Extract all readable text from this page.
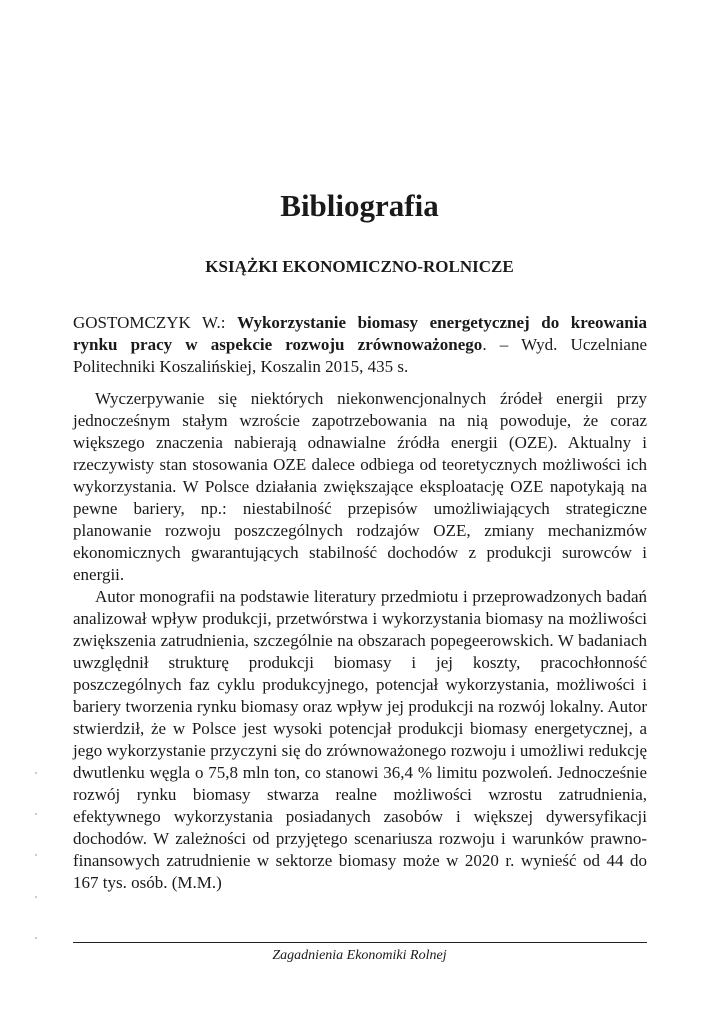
Bibliografia
KSIĄŻKI EKONOMICZNO-ROLNICZE
GOSTOMCZYK W.: Wykorzystanie biomasy energetycznej do kreowania rynku pracy w aspekcie rozwoju zrównoważonego. – Wyd. Uczelniane Politechniki Koszalińskiej, Koszalin 2015, 435 s.

Wyczerpywanie się niektórych niekonwencjonalnych źródeł energii przy jednocześnym stałym wzroście zapotrzebowania na nią powoduje, że coraz większego znaczenia nabierają odnawialne źródła energii (OZE). Aktualny i rzeczywisty stan stosowania OZE dalece odbiega od teoretycznych możliwości ich wykorzystania. W Polsce działania zwiększające eksploatację OZE napotykają na pewne bariery, np.: niestabilność przepisów umożliwiających strategiczne planowanie rozwoju poszczególnych rodzajów OZE, zmiany mechanizmów ekonomicznych gwarantujących stabilność dochodów z produkcji surowców i energii.

Autor monografii na podstawie literatury przedmiotu i przeprowadzonych badań analizował wpływ produkcji, przetwórstwa i wykorzystania biomasy na możliwości zwiększenia zatrudnienia, szczególnie na obszarach popegeerowskich. W badaniach uwzględnił strukturę produkcji biomasy i jej koszty, pracochłonność poszczególnych faz cyklu produkcyjnego, potencjał wykorzystania, możliwości i bariery tworzenia rynku biomasy oraz wpływ jej produkcji na rozwój lokalny. Autor stwierdził, że w Polsce jest wysoki potencjał produkcji biomasy energetycznej, a jego wykorzystanie przyczyni się do zrównoważonego rozwoju i umożliwi redukcję dwutlenku węgla o 75,8 mln ton, co stanowi 36,4 % limitu pozwoleń. Jednocześnie rozwój rynku biomasy stwarza realne możliwości wzrostu zatrudnienia, efektywnego wykorzystania posiadanych zasobów i większej dywersyfikacji dochodów. W zależności od przyjętego scenariusza rozwoju i warunków prawno-finansowych zatrudnienie w sektorze biomasy może w 2020 r. wynieść od 44 do 167 tys. osób. (M.M.)

Zagadnienia Ekonomiki Rolnej
